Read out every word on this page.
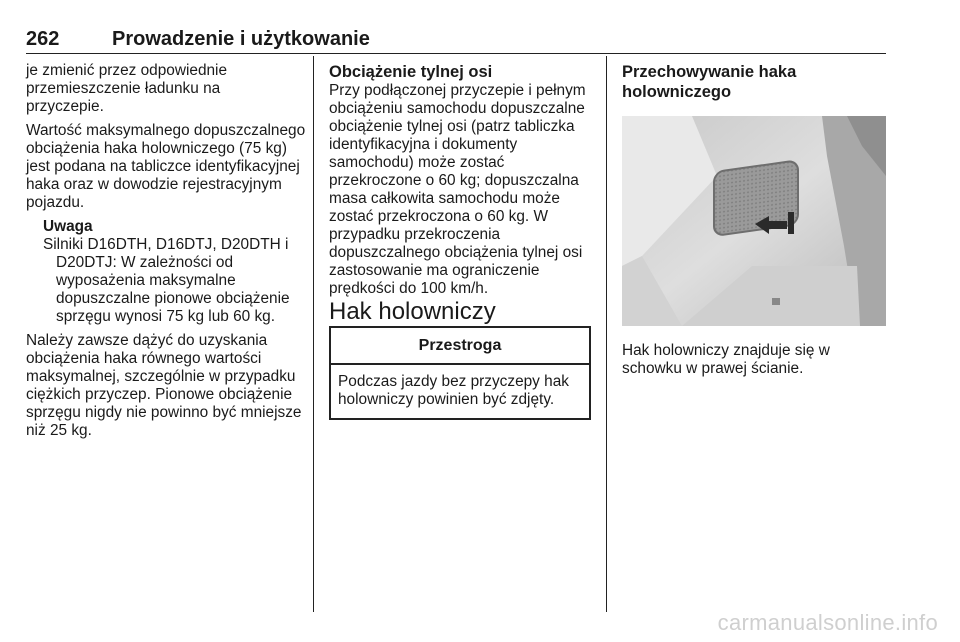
262	Prowadzenie i użytkowanie

je zmienić przez odpowiednie
przemieszczenie ładunku na
przyczepie.

Wartość maksymalnego dopuszczalnego obciążenia haka holowniczego (75 kg) jest podana na tabliczce identyfikacyjnej haka oraz w dowodzie rejestracyjnym pojazdu.

Uwaga
Silniki D16DTH, D16DTJ, D20DTH i D20DTJ: W zależności od wyposażenia maksymalne dopuszczalne pionowe obciążenie sprzęgu wynosi 75 kg lub 60 kg.

Należy zawsze dążyć do uzyskania obciążenia haka równego wartości maksymalnej, szczególnie w przypadku ciężkich przyczep. Pionowe obciążenie sprzęgu nigdy nie powinno być mniejsze niż 25 kg.

Obciążenie tylnej osi

Przy podłączonej przyczepie i pełnym obciążeniu samochodu dopuszczalne obciążenie tylnej osi (patrz tabliczka identyfikacyjna i dokumenty samochodu) może zostać przekroczone o 60 kg; dopuszczalna masa całkowita samochodu może zostać przekroczona o 60 kg. W przypadku przekroczenia dopuszczalnego obciążenia tylnej osi zastosowanie ma ograniczenie prędkości do 100 km/h.

Hak holowniczy

Przestroga
Podczas jazdy bez przyczepy hak holowniczy powinien być zdjęty.

Przechowywanie haka holowniczego

Hak holowniczy znajduje się w schowku w prawej ścianie.

carmanualsonline.info
